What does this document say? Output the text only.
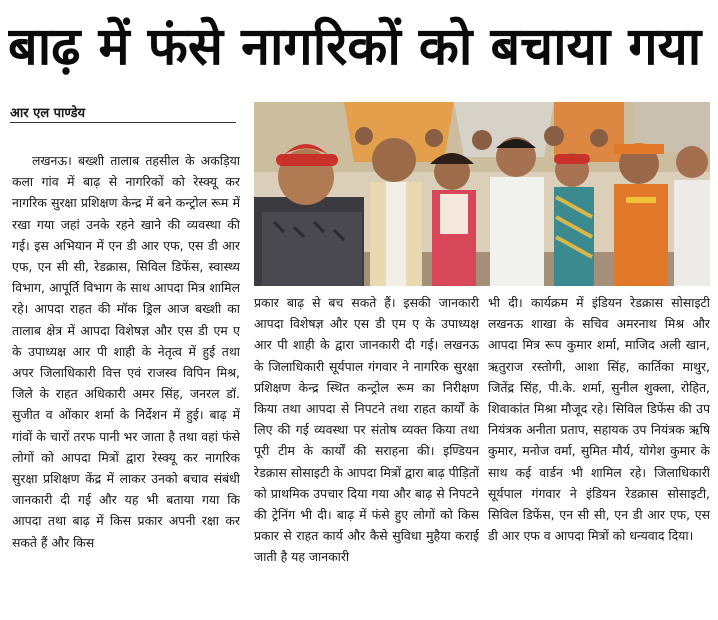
बाढ़ में फंसे नागरिकों को बचाया गया
आर एल पाण्डेय
लखनऊ। बख्शी तालाब तहसील के अकड़िया कला गांव में बाढ़ से नागरिकों को रेस्क्यू कर नागरिक सुरक्षा प्रशिक्षण केन्द्र में बने कन्ट्रोल रूम में रखा गया जहां उनके रहने खाने की व्यवस्था की गई। इस अभियान में एन डी आर एफ, एस डी आर एफ, एन सी सी, रेडक्रास, सिविल डिफेंस, स्वास्थ्य विभाग, आपूर्ति विभाग के साथ आपदा मित्र शामिल रहे। आपदा राहत की मॉक ड्रिल आज बख्शी का तालाब क्षेत्र में आपदा विशेषज्ञ और एस डी एम ए के उपाध्यक्ष आर पी शाही के नेतृत्व में हुई तथा अपर जिलाधिकारी वित्त एवं राजस्व विपिन मिश्र, जिले के राहत अधिकारी अमर सिंह, जनरल डॉ. सुजीत व ओंकार शर्मा के निर्देशन में हुई। बाढ़ में गांवों के चारों तरफ पानी भर जाता है तथा वहां फंसे लोगों को आपदा मित्रों द्वारा रेस्क्यू कर नागरिक सुरक्षा प्रशिक्षण केंद्र में लाकर उनको बचाव संबंधी जानकारी दी गई और यह भी बताया गया कि आपदा तथा बाढ़ में किस प्रकार अपनी रक्षा कर सकते हैं और किस
प्रकार बाढ़ से बच सकते हैं। इसकी जानकारी आपदा विशेषज्ञ और एस डी एम ए के उपाध्यक्ष आर पी शाही के द्वारा जानकारी दी गई। लखनऊ के जिलाधिकारी सूर्यपाल गंगवार ने नागरिक सुरक्षा प्रशिक्षण केन्द्र स्थित कन्ट्रोल रूम का निरीक्षण किया तथा आपदा से निपटने तथा राहत कार्यों के लिए की गई व्यवस्था पर संतोष व्यक्त किया तथा पूरी टीम के कार्यों की सराहना की। इण्डियन रेडक्रास सोसाइटी के आपदा मित्रों द्वारा बाढ़ पीड़ितों को प्राथमिक उपचार दिया गया और बाढ़ से निपटने की ट्रेनिंग भी दी। बाढ़ में फंसे हुए लोगों को किस प्रकार से राहत कार्य और कैसे सुविधा मुहैया कराई जाती है यह जानकारी
भी दी। कार्यक्रम में इंडियन रेडक्रास सोसाइटी लखनऊ शाखा के सचिव अमरनाथ मिश्र और आपदा मित्र रूप कुमार शर्मा, माजिद अली खान, ऋतुराज रस्तोगी, आशा सिंह, कार्तिका माथुर, जितेंद्र सिंह, पी.के. शर्मा, सुनील शुक्ला, रोहित, शिवाकांत मिश्रा मौजूद रहे। सिविल डिफेंस की उप नियंत्रक अनीता प्रताप, सहायक उप नियंत्रक ऋषि कुमार, मनोज वर्मा, सुमित मौर्य, योगेश कुमार के साथ कई वार्डन भी शामिल रहे। जिलाधिकारी सूर्यपाल गंगवार ने इंडियन रेडक्रास सोसाइटी, सिविल डिफेंस, एन सी सी, एन डी आर एफ, एस डी आर एफ व आपदा मित्रों को धन्यवाद दिया।
